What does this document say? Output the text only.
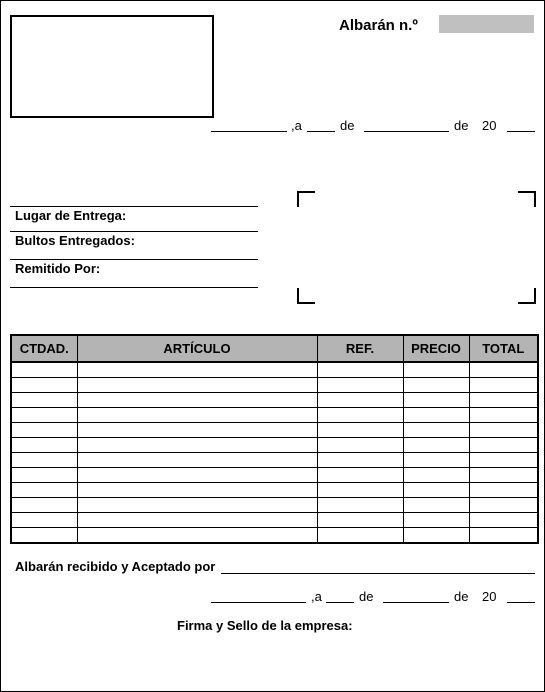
Albarán n.º
,a	de	de 20
Lugar de Entrega:
Bultos Entregados:
Remitido Por:
CTDAD.	ARTÍCULO	REF.	PRECIO	TOTAL

Albarán recibido y Aceptado por
,a	de	de 20
Firma y Sello de la empresa:
